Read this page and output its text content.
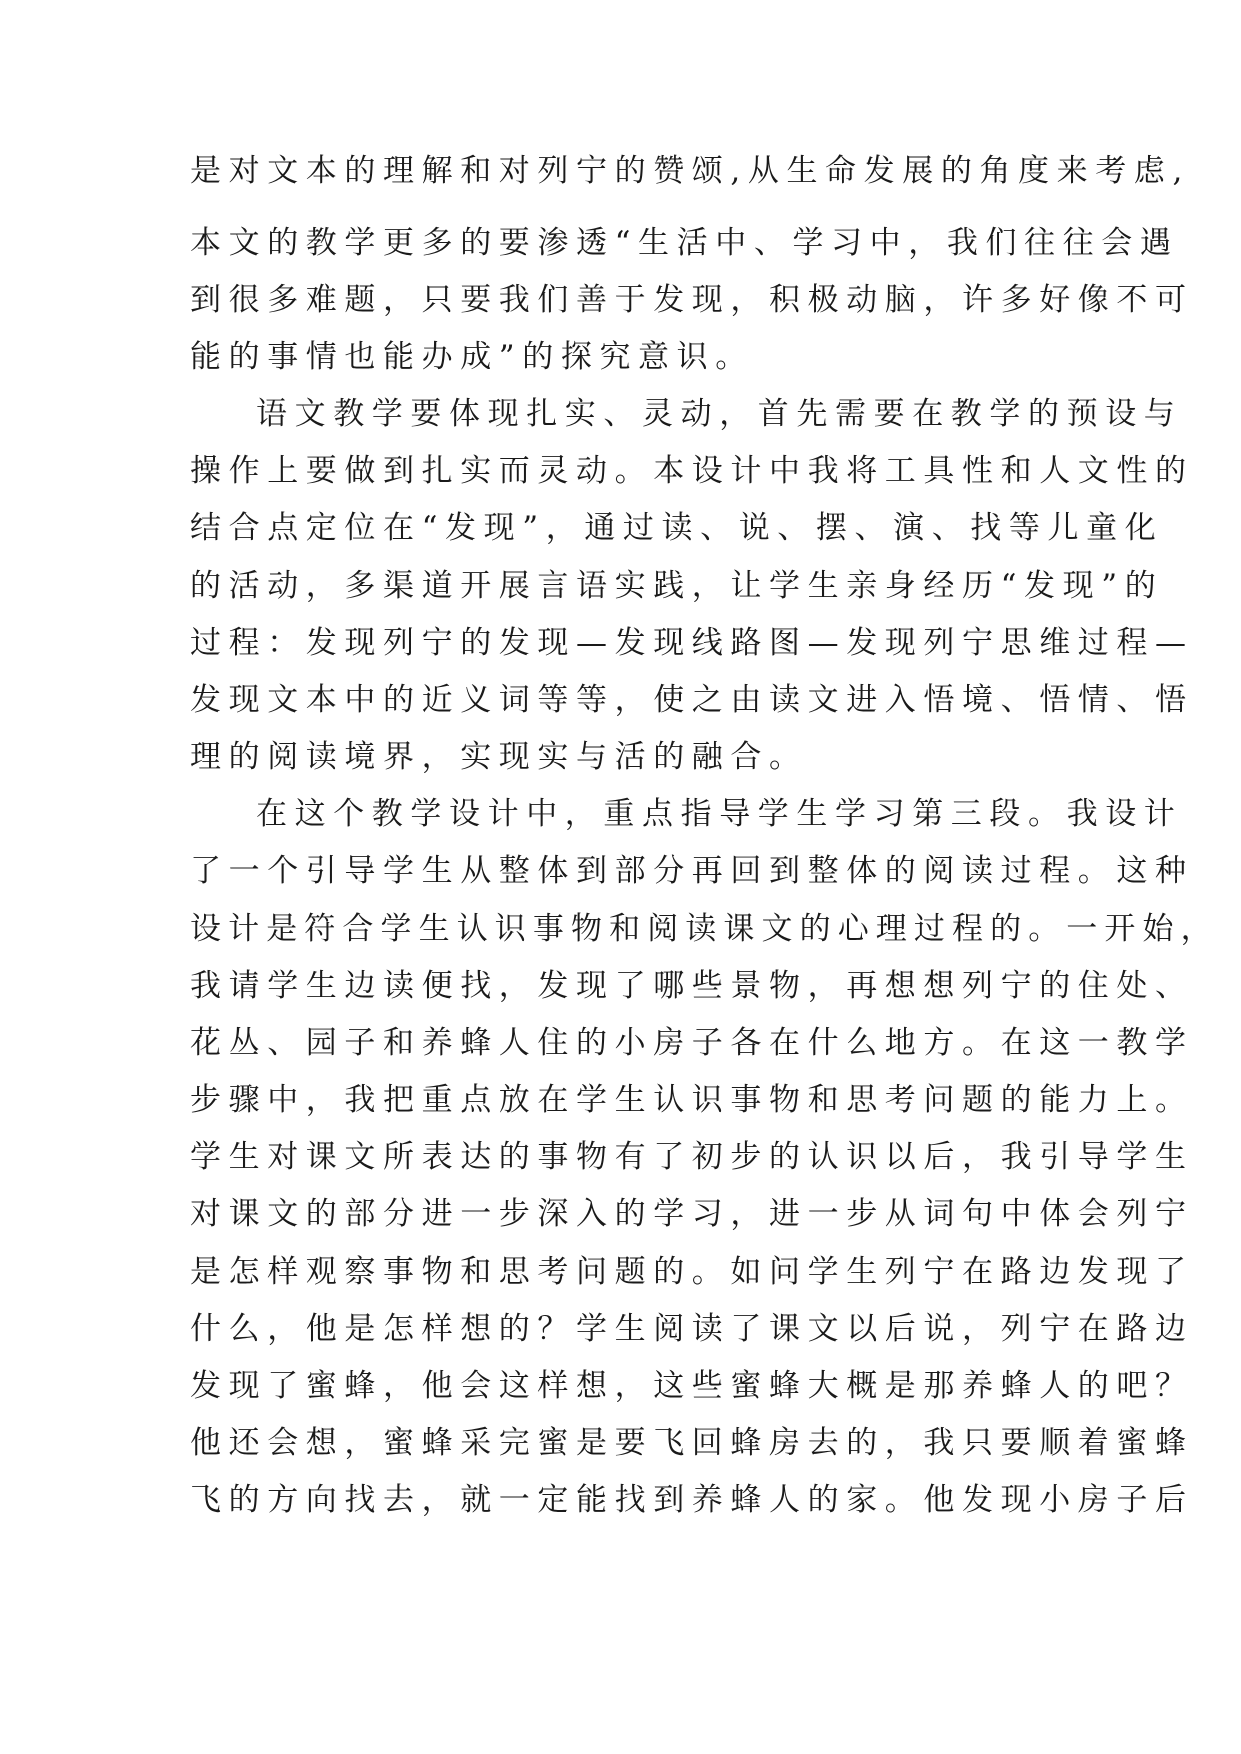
是对文本的理解和对列宁的赞颂,从生命发展的角度来考虑,
本文的教学更多的要渗透“生活中、学习中，我们往往会遇
到很多难题，只要我们善于发现，积极动脑，许多好像不可
能的事情也能办成”的探究意识。
语文教学要体现扎实、灵动，首先需要在教学的预设与
操作上要做到扎实而灵动。本设计中我将工具性和人文性的
结合点定位在“发现”，通过读、说、摆、演、找等儿童化
的活动，多渠道开展言语实践，让学生亲身经历“发现”的
过程：发现列宁的发现—发现线路图—发现列宁思维过程—
发现文本中的近义词等等，使之由读文进入悟境、悟情、悟
理的阅读境界，实现实与活的融合。
在这个教学设计中，重点指导学生学习第三段。我设计
了一个引导学生从整体到部分再回到整体的阅读过程。这种
设计是符合学生认识事物和阅读课文的心理过程的。一开始，
我请学生边读便找，发现了哪些景物，再想想列宁的住处、
花丛、园子和养蜂人住的小房子各在什么地方。在这一教学
步骤中，我把重点放在学生认识事物和思考问题的能力上。
学生对课文所表达的事物有了初步的认识以后，我引导学生
对课文的部分进一步深入的学习，进一步从词句中体会列宁
是怎样观察事物和思考问题的。如问学生列宁在路边发现了
什么，他是怎样想的？学生阅读了课文以后说，列宁在路边
发现了蜜蜂，他会这样想，这些蜜蜂大概是那养蜂人的吧？
他还会想，蜜蜂采完蜜是要飞回蜂房去的，我只要顺着蜜蜂
飞的方向找去，就一定能找到养蜂人的家。他发现小房子后
